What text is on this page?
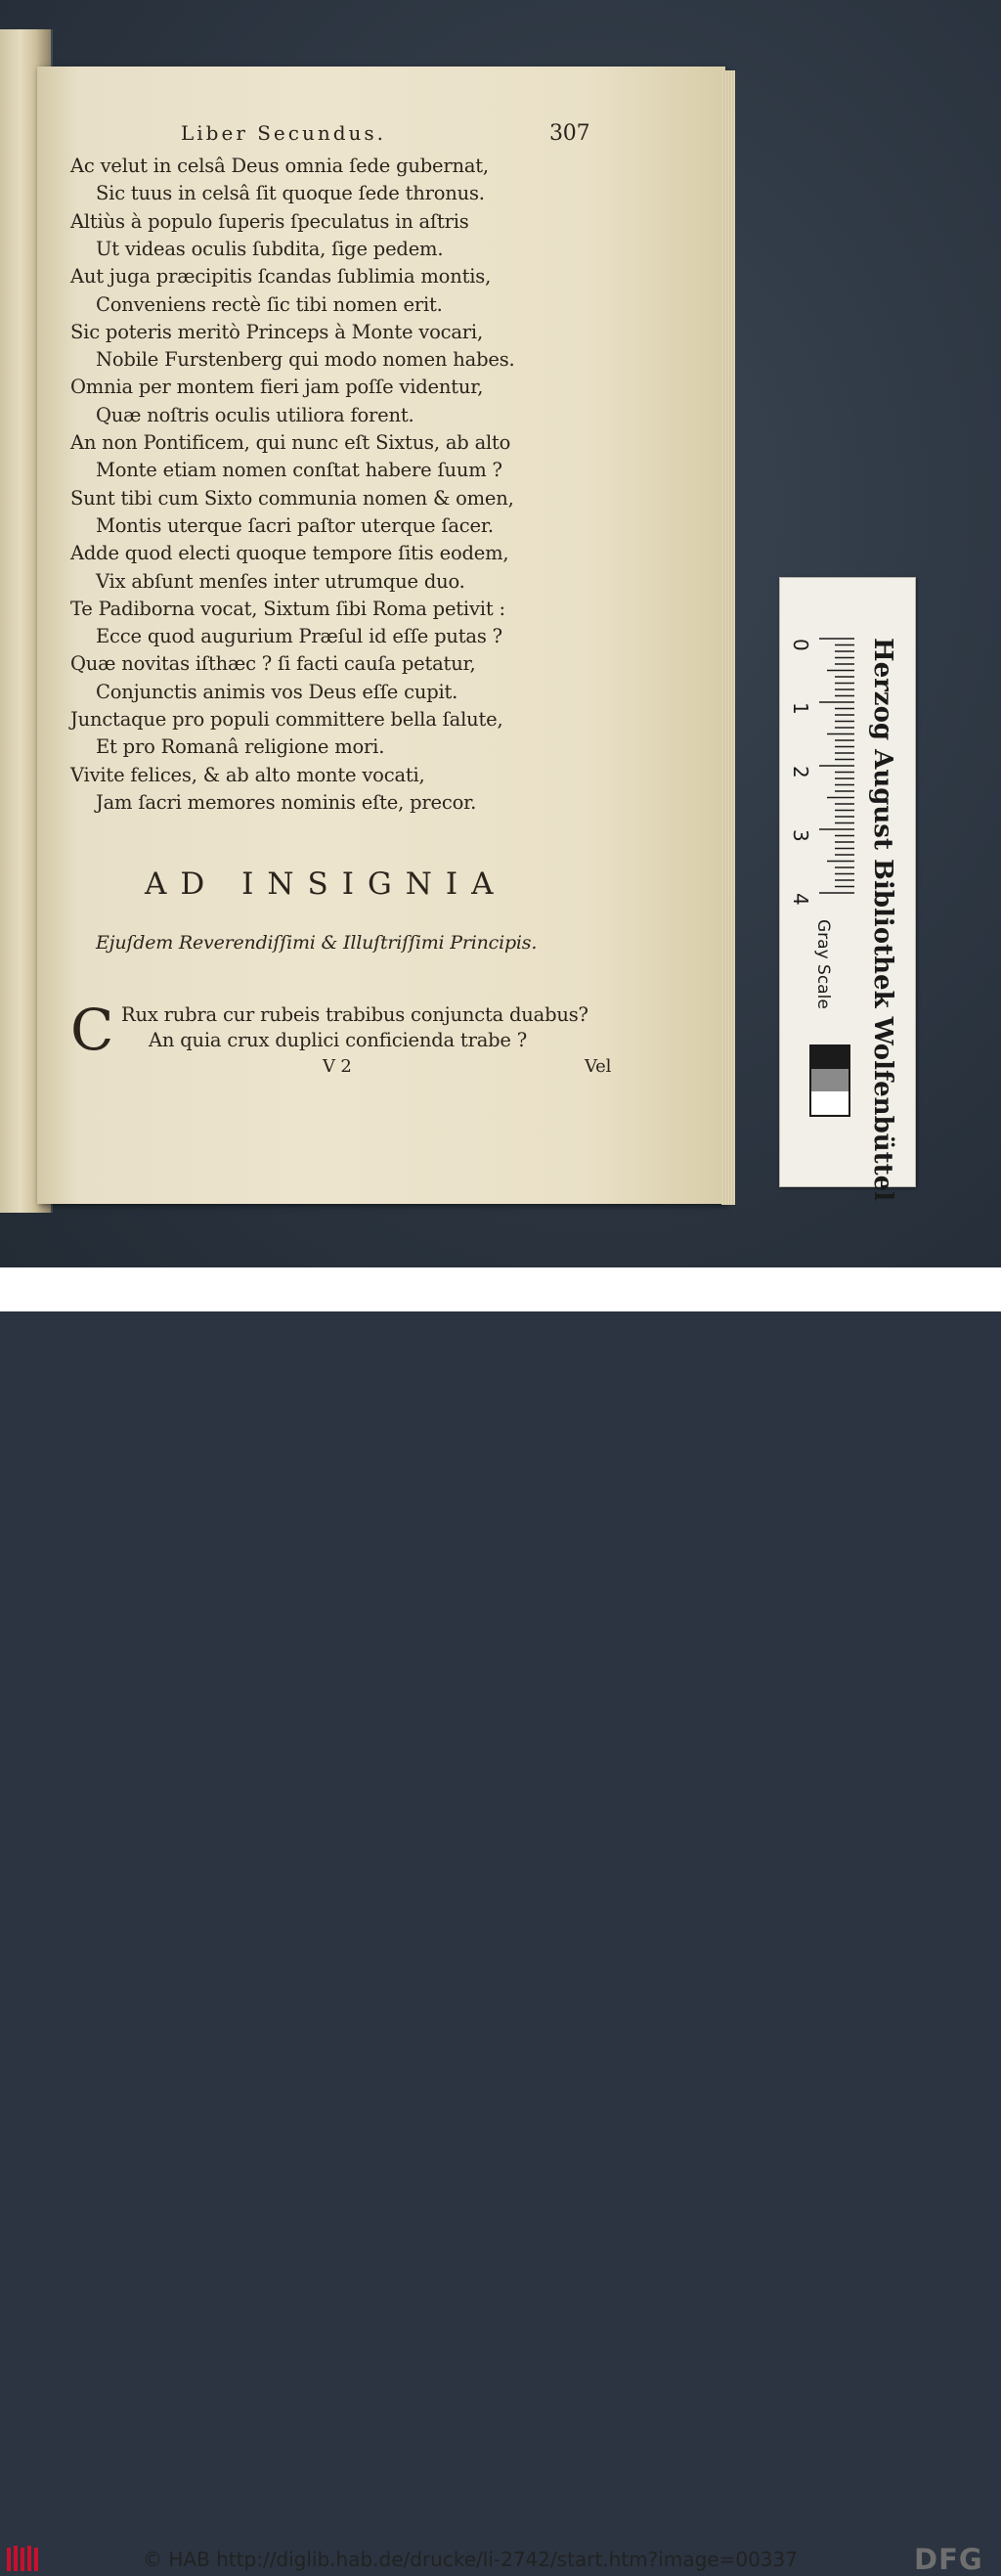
Liber Secundus.	307
Ac velut in celsâ Deus omnia ſede gubernat,
Sic tuus in celsâ ſit quoque ſede thronus.
Altiùs à populo ſuperis ſpeculatus in aſtris
Ut videas oculis ſubdita, ſige pedem.
Aut juga præcipitis ſcandas ſublimia montis,
Conveniens rectè ſic tibi nomen erit.
Sic poteris meritò Princeps à Monte vocari,
Nobile Furstenberg qui modo nomen habes.
Omnia per montem fieri jam poſſe videntur,
Quæ noſtris oculis utiliora forent.
An non Pontificem, qui nunc eſt Sixtus, ab alto
Monte etiam nomen conſtat habere ſuum ?
Sunt tibi cum Sixto communia nomen & omen,
Montis uterque ſacri paſtor uterque ſacer.
Adde quod electi quoque tempore ſitis eodem,
Vix abſunt menſes inter utrumque duo.
Te Padiborna vocat, Sixtum ſibi Roma petivit :
Ecce quod augurium Præſul id eſſe putas ?
Quæ novitas iſthæc ? ſi facti cauſa petatur,
Conjunctis animis vos Deus eſſe cupit.
Junctaque pro populi committere bella ſalute,
Et pro Romanâ religione mori.
Vivite felices, & ab alto monte vocati,
Jam ſacri memores nominis eſte, precor.
AD INSIGNIA
Ejuſdem Reverendiſſimi & Illuſtriſſimi Principis.
C Rux rubra cur rubeis trabibus conjuncta duabus?
An quia crux duplici conficienda trabe ?
V 2	Vel
0
1
2
3
4 Herzog August Bibliothek Wolfenbüttel
Gray Scale
© HAB http://diglib.hab.de/drucke/li-2742/start.htm?image=00337	DFG
